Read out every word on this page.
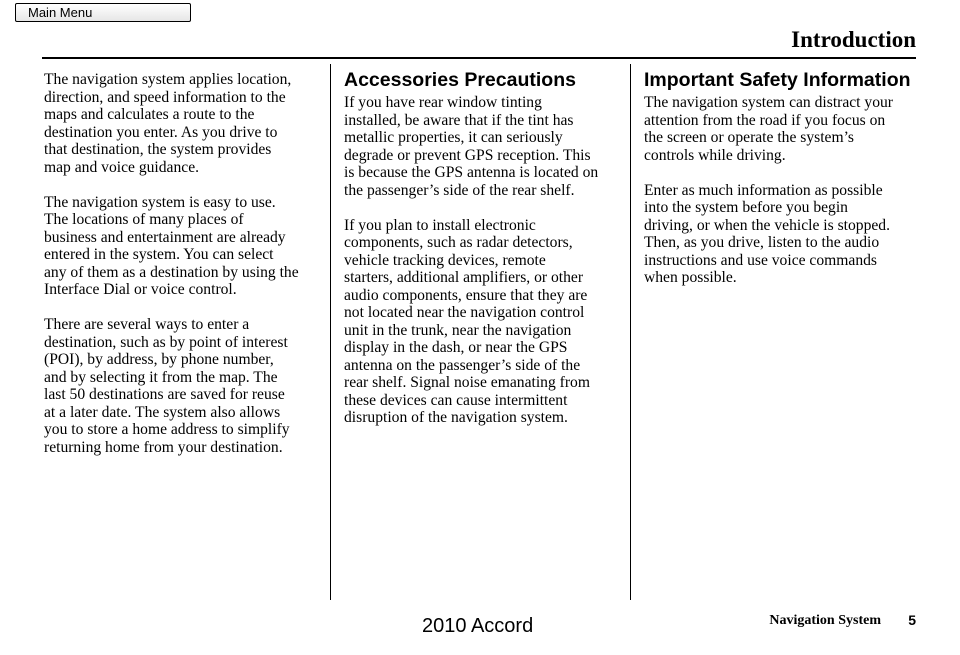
Main Menu
Introduction

The navigation system applies location,
direction, and speed information to the
maps and calculates a route to the
destination you enter. As you drive to
that destination, the system provides
map and voice guidance.

The navigation system is easy to use.
The locations of many places of
business and entertainment are already
entered in the system. You can select
any of them as a destination by using the
Interface Dial or voice control.

There are several ways to enter a
destination, such as by point of interest
(POI), by address, by phone number,
and by selecting it from the map. The
last 50 destinations are saved for reuse
at a later date. The system also allows
you to store a home address to simplify
returning home from your destination.

Accessories Precautions

If you have rear window tinting
installed, be aware that if the tint has
metallic properties, it can seriously
degrade or prevent GPS reception. This
is because the GPS antenna is located on
the passenger’s side of the rear shelf.

If you plan to install electronic
components, such as radar detectors,
vehicle tracking devices, remote
starters, additional amplifiers, or other
audio components, ensure that they are
not located near the navigation control
unit in the trunk, near the navigation
display in the dash, or near the GPS
antenna on the passenger’s side of the
rear shelf. Signal noise emanating from
these devices can cause intermittent
disruption of the navigation system.

Important Safety Information

The navigation system can distract your
attention from the road if you focus on
the screen or operate the system’s
controls while driving.

Enter as much information as possible
into the system before you begin
driving, or when the vehicle is stopped.
Then, as you drive, listen to the audio
instructions and use voice commands
when possible.

Navigation System 5
2010 Accord
